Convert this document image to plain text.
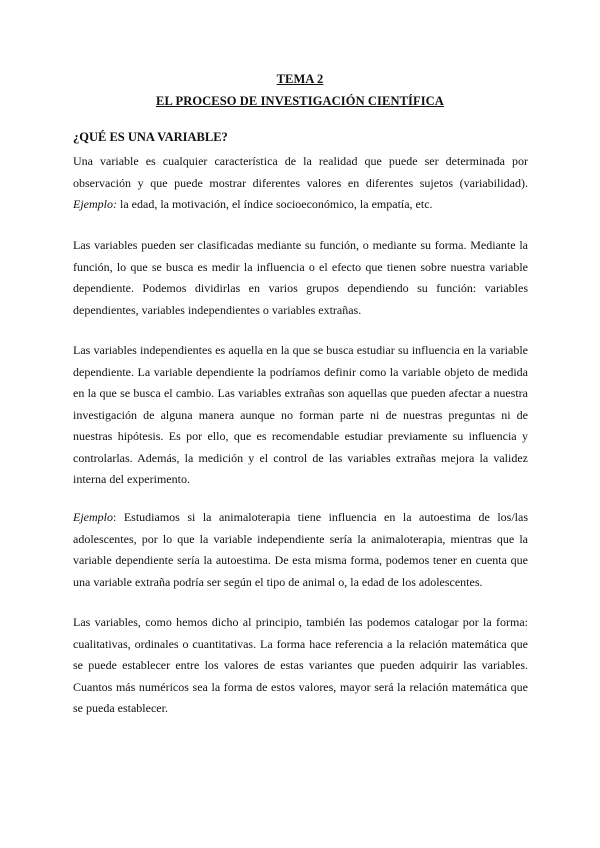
TEMA 2
EL PROCESO DE INVESTIGACIÓN CIENTÍFICA
¿QUÉ ES UNA VARIABLE?
Una variable es cualquier característica de la realidad que puede ser determinada por observación y que puede mostrar diferentes valores en diferentes sujetos (variabilidad). Ejemplo: la edad, la motivación, el índice socioeconómico, la empatía, etc.
Las variables pueden ser clasificadas mediante su función, o mediante su forma. Mediante la función, lo que se busca es medir la influencia o el efecto que tienen sobre nuestra variable dependiente. Podemos dividirlas en varios grupos dependiendo su función: variables dependientes, variables independientes o variables extrañas.
Las variables independientes es aquella en la que se busca estudiar su influencia en la variable dependiente. La variable dependiente la podríamos definir como la variable objeto de medida en la que se busca el cambio. Las variables extrañas son aquellas que pueden afectar a nuestra investigación de alguna manera aunque no forman parte ni de nuestras preguntas ni de nuestras hipótesis. Es por ello, que es recomendable estudiar previamente su influencia y controlarlas. Además, la medición y el control de las variables extrañas mejora la validez interna del experimento.
Ejemplo: Estudiamos si la animaloterapia tiene influencia en la autoestima de los/las adolescentes, por lo que la variable independiente sería la animaloterapia, mientras que la variable dependiente sería la autoestima. De esta misma forma, podemos tener en cuenta que una variable extraña podría ser según el tipo de animal o, la edad de los adolescentes.
Las variables, como hemos dicho al principio, también las podemos catalogar por la forma: cualitativas, ordinales o cuantitativas. La forma hace referencia a la relación matemática que se puede establecer entre los valores de estas variantes que pueden adquirir las variables. Cuantos más numéricos sea la forma de estos valores, mayor será la relación matemática que se pueda establecer.
